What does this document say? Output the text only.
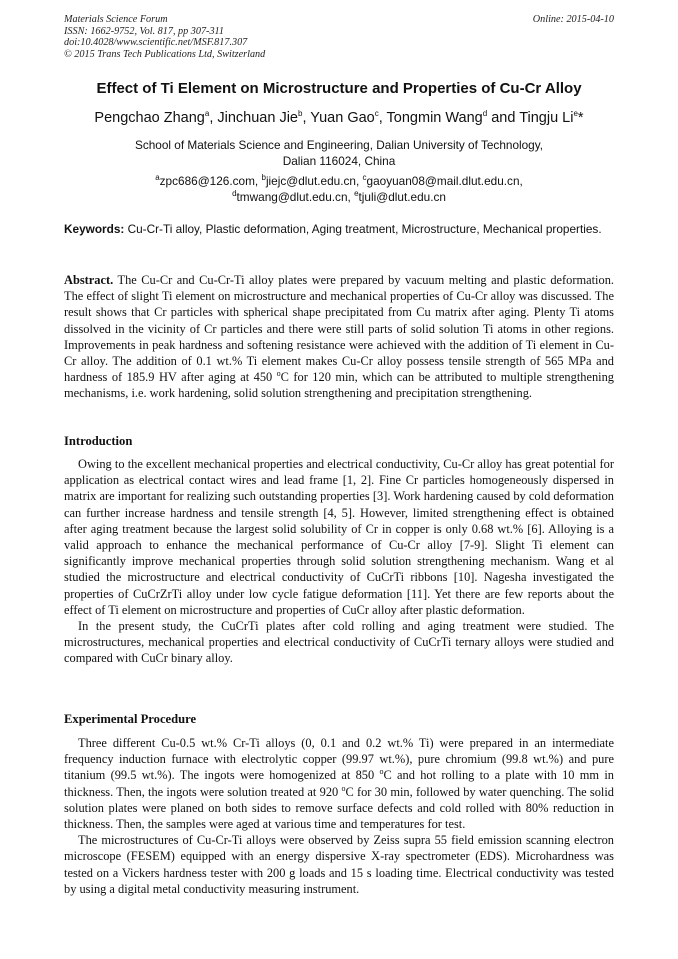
Materials Science Forum
ISSN: 1662-9752, Vol. 817, pp 307-311
doi:10.4028/www.scientific.net/MSF.817.307
© 2015 Trans Tech Publications Ltd, Switzerland
Online: 2015-04-10
Effect of Ti Element on Microstructure and Properties of Cu-Cr Alloy
Pengchao Zhang$^a$, Jinchuan Jie$^b$, Yuan Gao$^c$, Tongmin Wang$^d$ and Tingju Li$^e$*
School of Materials Science and Engineering, Dalian University of Technology,
Dalian 116024, China
$^a$zpc686@126.com, $^b$jiejc@dlut.edu.cn, $^c$gaoyuan08@mail.dlut.edu.cn,
$^d$tmwang@dlut.edu.cn, $^e$tjuli@dlut.edu.cn
Keywords: Cu-Cr-Ti alloy, Plastic deformation, Aging treatment, Microstructure, Mechanical properties.

Abstract. The Cu-Cr and Cu-Cr-Ti alloy plates were prepared by vacuum melting and plastic deformation. The effect of slight Ti element on microstructure and mechanical properties of Cu-Cr alloy was discussed. The result shows that Cr particles with spherical shape precipitated from Cu matrix after aging. Plenty Ti atoms dissolved in the vicinity of Cr particles and there were still parts of solid solution Ti atoms in other regions. Improvements in peak hardness and softening resistance were achieved with the addition of Ti element in Cu-Cr alloy. The addition of 0.1 wt.% Ti element makes Cu-Cr alloy possess tensile strength of 565 MPa and hardness of 185.9 HV after aging at 450 $^o$C for 120 min, which can be attributed to multiple strengthening mechanisms, i.e. work hardening, solid solution strengthening and precipitation strengthening.

Introduction

Owing to the excellent mechanical properties and electrical conductivity, Cu-Cr alloy has great potential for application as electrical contact wires and lead frame [1, 2]. Fine Cr particles homogeneously dispersed in matrix are important for realizing such outstanding properties [3]. Work hardening caused by cold deformation can further increase hardness and tensile strength [4, 5]. However, limited strengthening effect is obtained after aging treatment because the largest solid solubility of Cr in copper is only 0.68 wt.% [6]. Alloying is a valid approach to enhance the mechanical performance of Cu-Cr alloy [7-9]. Slight Ti element can significantly improve mechanical properties through solid solution strengthening mechanism. Wang et al studied the microstructure and electrical conductivity of CuCrTi ribbons [10]. Nagesha investigated the properties of CuCrZrTi alloy under low cycle fatigue deformation [11]. Yet there are few reports about the effect of Ti element on microstructure and properties of CuCr alloy after plastic deformation.

In the present study, the CuCrTi plates after cold rolling and aging treatment were studied. The microstructures, mechanical properties and electrical conductivity of CuCrTi ternary alloys were studied and compared with CuCr binary alloy.

Experimental Procedure

Three different Cu-0.5 wt.% Cr-Ti alloys (0, 0.1 and 0.2 wt.% Ti) were prepared in an intermediate frequency induction furnace with electrolytic copper (99.97 wt.%), pure chromium (99.8 wt.%) and pure titanium (99.5 wt.%). The ingots were homogenized at 850 $^o$C and hot rolling to a plate with 10 mm in thickness. Then, the ingots were solution treated at 920 $^o$C for 30 min, followed by water quenching. The solid solution plates were planed on both sides to remove surface defects and cold rolled with 80% reduction in thickness. Then, the samples were aged at various time and temperatures for test.

The microstructures of Cu-Cr-Ti alloys were observed by Zeiss supra 55 field emission scanning electron microscope (FESEM) equipped with an energy dispersive X-ray spectrometer (EDS). Microhardness was tested on a Vickers hardness tester with 200 g loads and 15 s loading time. Electrical conductivity was tested by using a digital metal conductivity measuring instrument.
